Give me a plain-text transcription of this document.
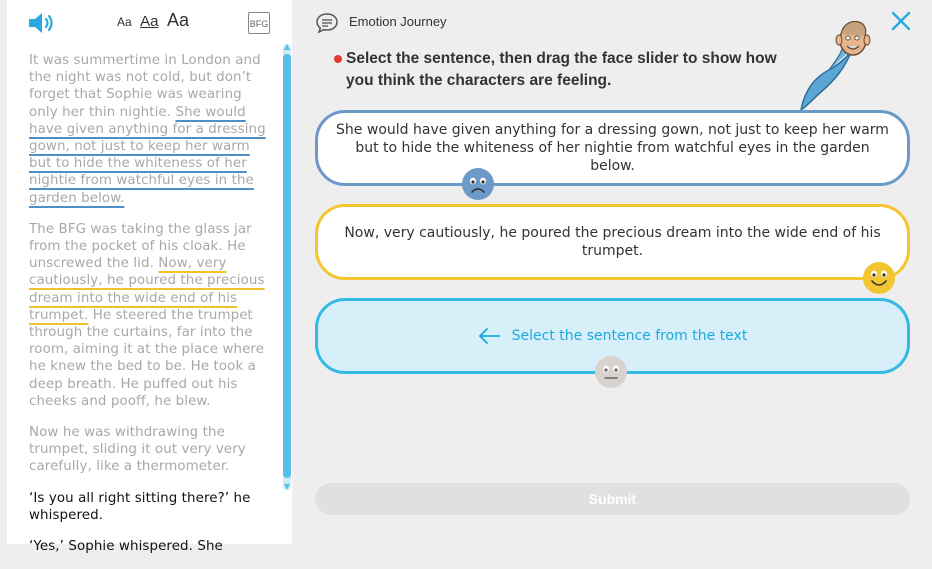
Aa Aa Aa	BFG

It was summertime in London and the night was not cold, but don’t forget that Sophie was wearing only her thin nightie. She would have given anything for a dressing gown, not just to keep her warm but to hide the whiteness of her nightie from watchful eyes in the garden below.

The BFG was taking the glass jar from the pocket of his cloak. He unscrewed the lid. Now, very cautiously, he poured the precious dream into the wide end of his trumpet. He steered the trumpet through the curtains, far into the room, aiming it at the place where he knew the bed to be. He took a deep breath. He puffed out his cheeks and pooff, he blew.

Now he was withdrawing the trumpet, sliding it out very very carefully, like a thermometer.

‘Is you all right sitting there?’ he whispered.

‘Yes,’ Sophie whispered. She

▲
▼
Emotion Journey
Select the sentence, then drag the face slider to show how you think the characters are feeling.
She would have given anything for a dressing gown, not just to keep her warm but to hide the whiteness of her nightie from watchful eyes in the garden below.
Now, very cautiously, he poured the precious dream into the wide end of his trumpet.
Select the sentence from the text
Submit
